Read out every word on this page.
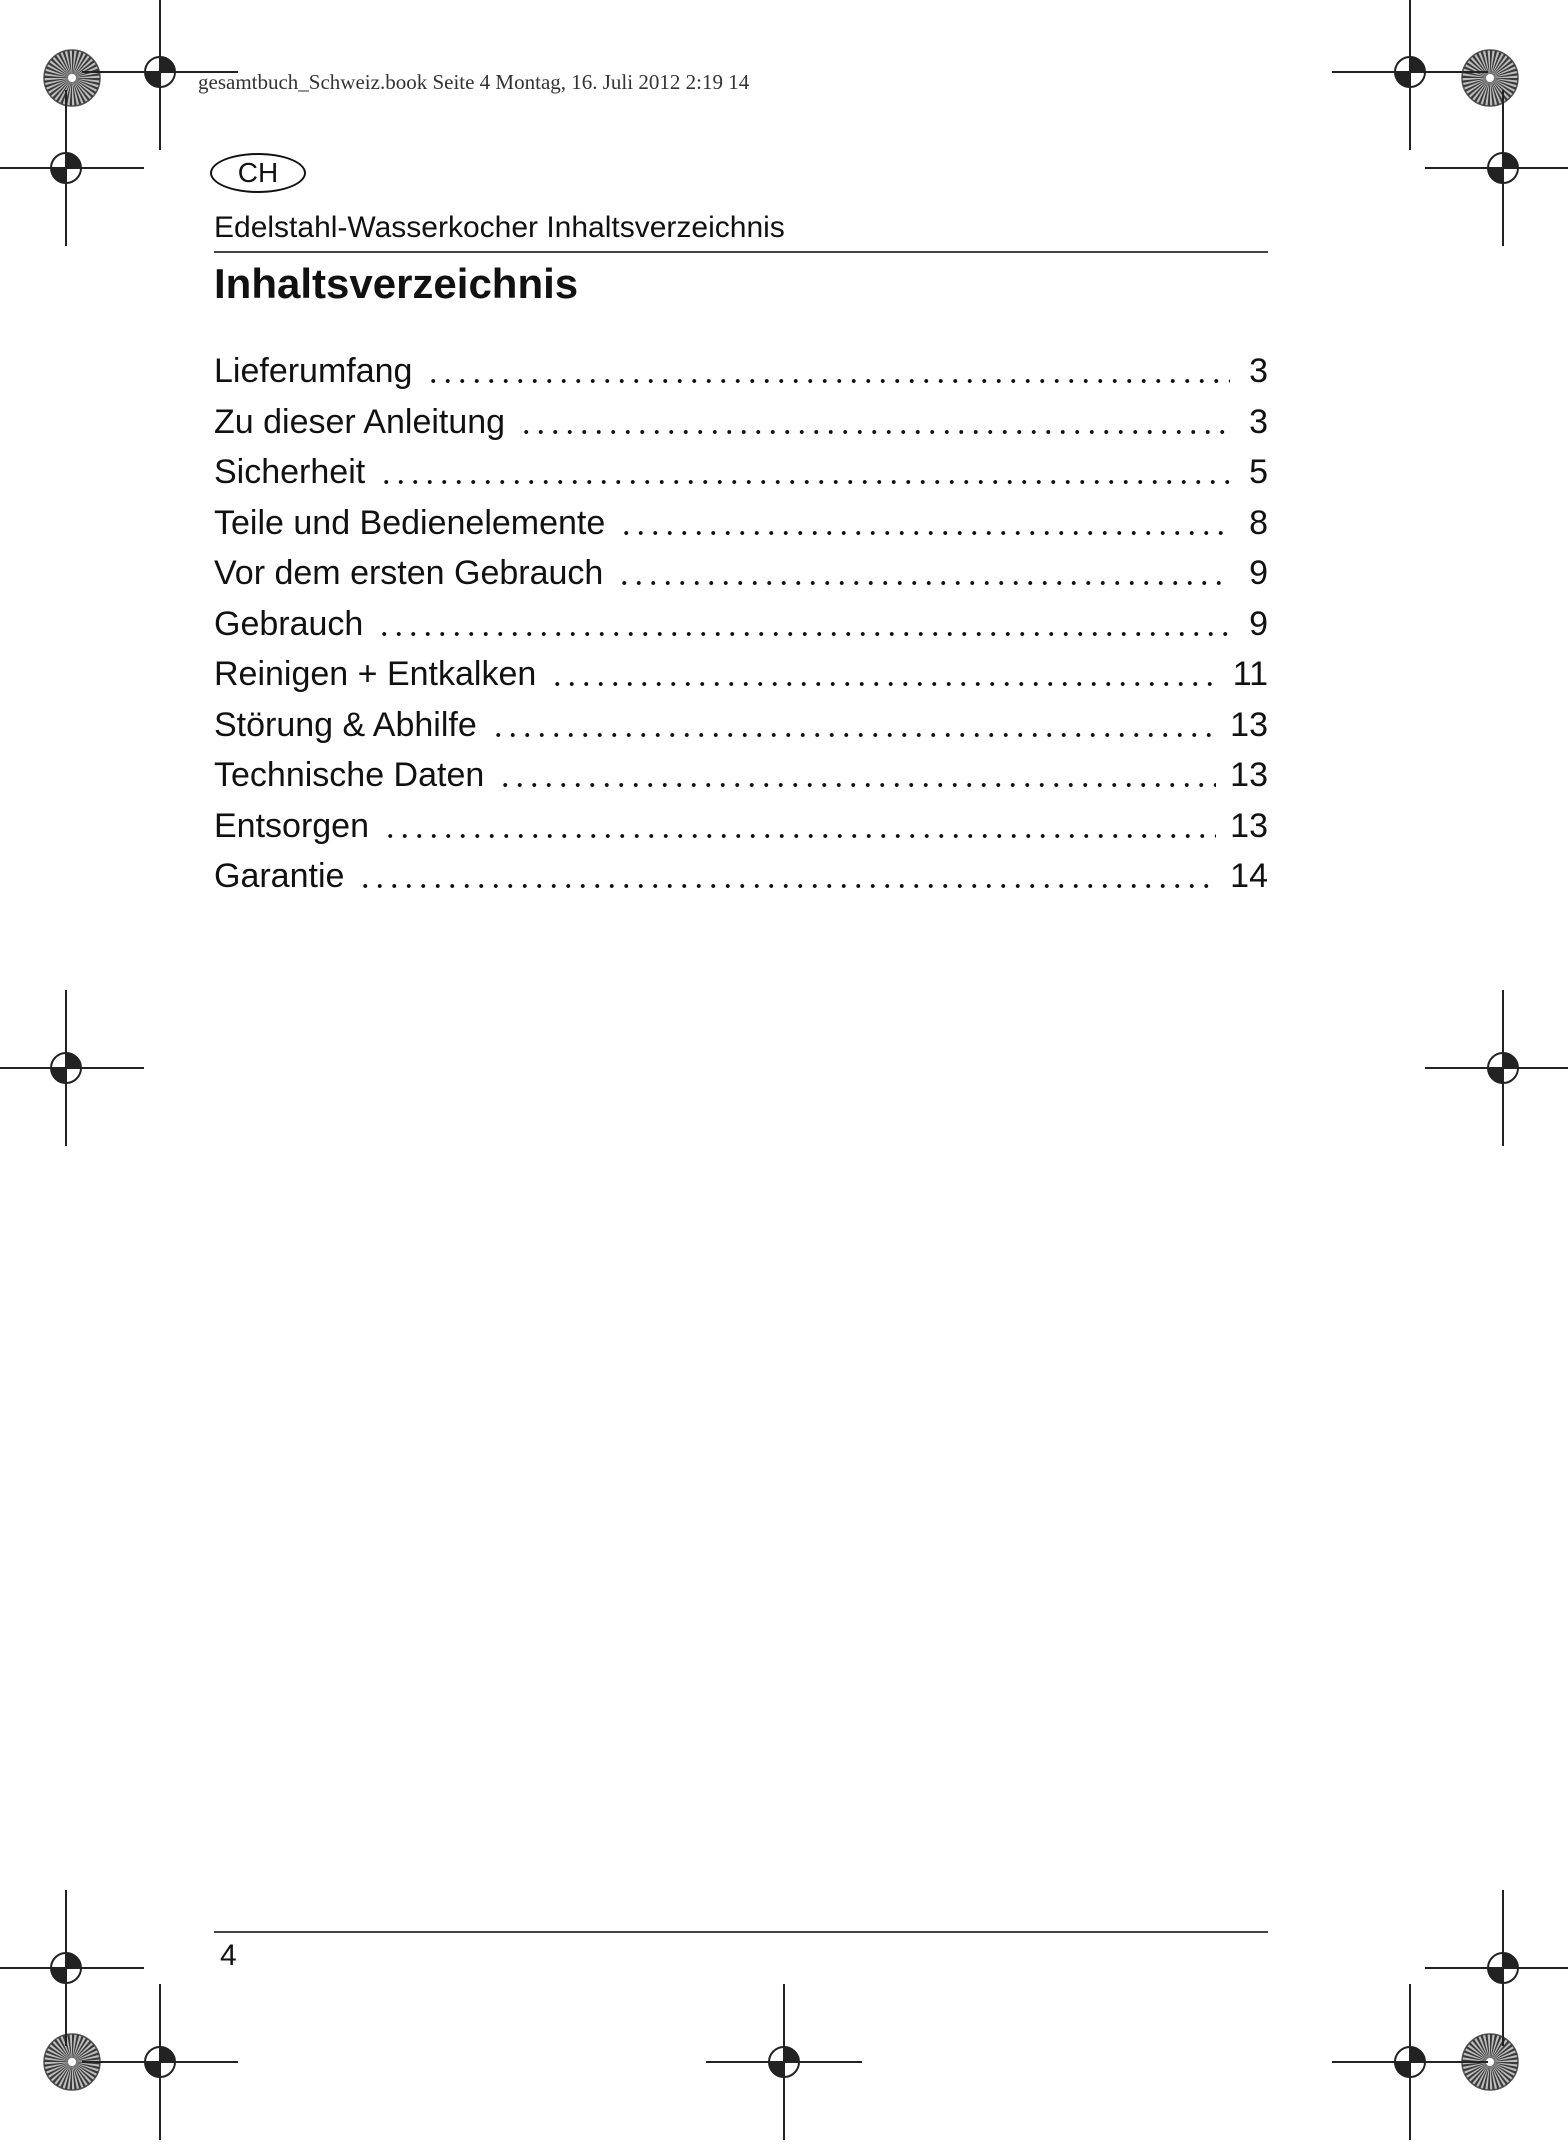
gesamtbuch_Schweiz.book Seite 4 Montag, 16. Juli 2012 2:19 14
CH
Edelstahl-Wasserkocher Inhaltsverzeichnis
Inhaltsverzeichnis
Lieferumfang	3
Zu dieser Anleitung	3
Sicherheit	5
Teile und Bedienelemente	8
Vor dem ersten Gebrauch	9
Gebrauch	9
Reinigen + Entkalken	11
Störung & Abhilfe	13
Technische Daten	13
Entsorgen	13
Garantie	14
4
